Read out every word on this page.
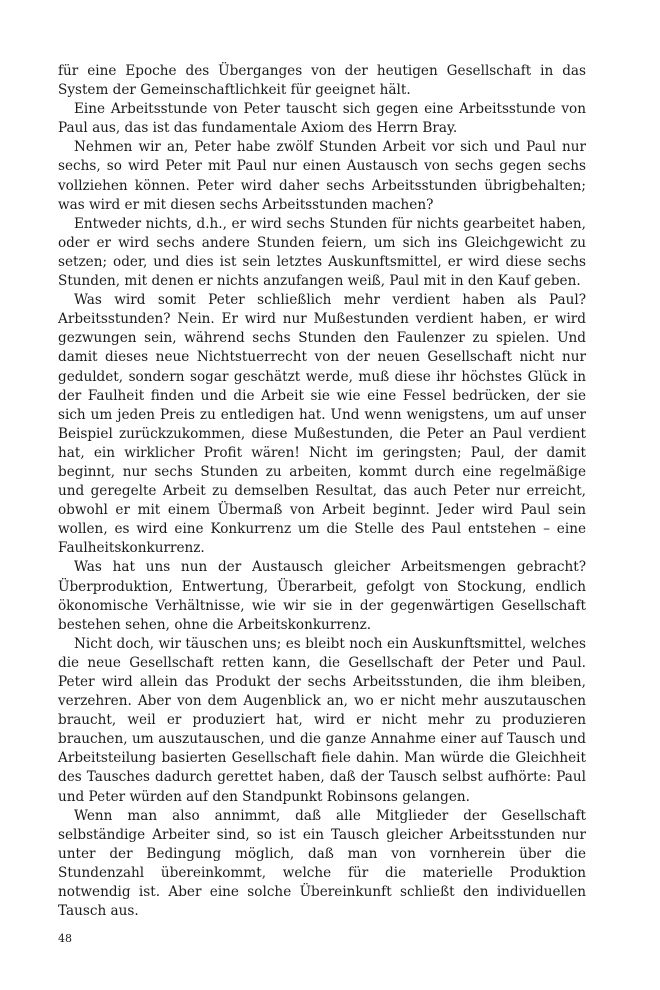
für eine Epoche des Überganges von der heutigen Gesellschaft in das System der Gemeinschaftlichkeit für geeignet hält.

Eine Arbeitsstunde von Peter tauscht sich gegen eine Arbeitsstunde von Paul aus, das ist das fundamentale Axiom des Herrn Bray.

Nehmen wir an, Peter habe zwölf Stunden Arbeit vor sich und Paul nur sechs, so wird Peter mit Paul nur einen Austausch von sechs gegen sechs vollziehen können. Peter wird daher sechs Arbeitsstunden übrigbehalten; was wird er mit diesen sechs Arbeitsstunden machen?

Entweder nichts, d.h., er wird sechs Stunden für nichts gearbeitet haben, oder er wird sechs andere Stunden feiern, um sich ins Gleichgewicht zu setzen; oder, und dies ist sein letztes Auskunftsmittel, er wird diese sechs Stunden, mit denen er nichts anzufangen weiß, Paul mit in den Kauf geben.

Was wird somit Peter schließlich mehr verdient haben als Paul? Arbeitsstunden? Nein. Er wird nur Mußestunden verdient haben, er wird gezwungen sein, während sechs Stunden den Faulenzer zu spielen. Und damit dieses neue Nichtstuerrecht von der neuen Gesellschaft nicht nur geduldet, sondern sogar geschätzt werde, muß diese ihr höchstes Glück in der Faulheit finden und die Arbeit sie wie eine Fessel bedrücken, der sie sich um jeden Preis zu entledigen hat. Und wenn wenigstens, um auf unser Beispiel zurückzukommen, diese Mußestunden, die Peter an Paul verdient hat, ein wirklicher Profit wären! Nicht im geringsten; Paul, der damit beginnt, nur sechs Stunden zu arbeiten, kommt durch eine regelmäßige und geregelte Arbeit zu demselben Resultat, das auch Peter nur erreicht, obwohl er mit einem Übermaß von Arbeit beginnt. Jeder wird Paul sein wollen, es wird eine Konkurrenz um die Stelle des Paul entstehen – eine Faulheitskonkurrenz.

Was hat uns nun der Austausch gleicher Arbeitsmengen gebracht? Überproduktion, Entwertung, Überarbeit, gefolgt von Stockung, endlich ökonomische Verhältnisse, wie wir sie in der gegenwärtigen Gesellschaft bestehen sehen, ohne die Arbeitskonkurrenz.

Nicht doch, wir täuschen uns; es bleibt noch ein Auskunftsmittel, welches die neue Gesellschaft retten kann, die Gesellschaft der Peter und Paul. Peter wird allein das Produkt der sechs Arbeitsstunden, die ihm bleiben, verzehren. Aber von dem Augenblick an, wo er nicht mehr auszutauschen braucht, weil er produziert hat, wird er nicht mehr zu produzieren brauchen, um auszutauschen, und die ganze Annahme einer auf Tausch und Arbeitsteilung basierten Gesellschaft fiele dahin. Man würde die Gleichheit des Tausches dadurch gerettet haben, daß der Tausch selbst aufhörte: Paul und Peter würden auf den Standpunkt Robinsons gelangen.

Wenn man also annimmt, daß alle Mitglieder der Gesellschaft selbständige Arbeiter sind, so ist ein Tausch gleicher Arbeitsstunden nur unter der Bedingung möglich, daß man von vornherein über die Stundenzahl übereinkommt, welche für die materielle Produktion notwendig ist. Aber eine solche Übereinkunft schließt den individuellen Tausch aus.

48
